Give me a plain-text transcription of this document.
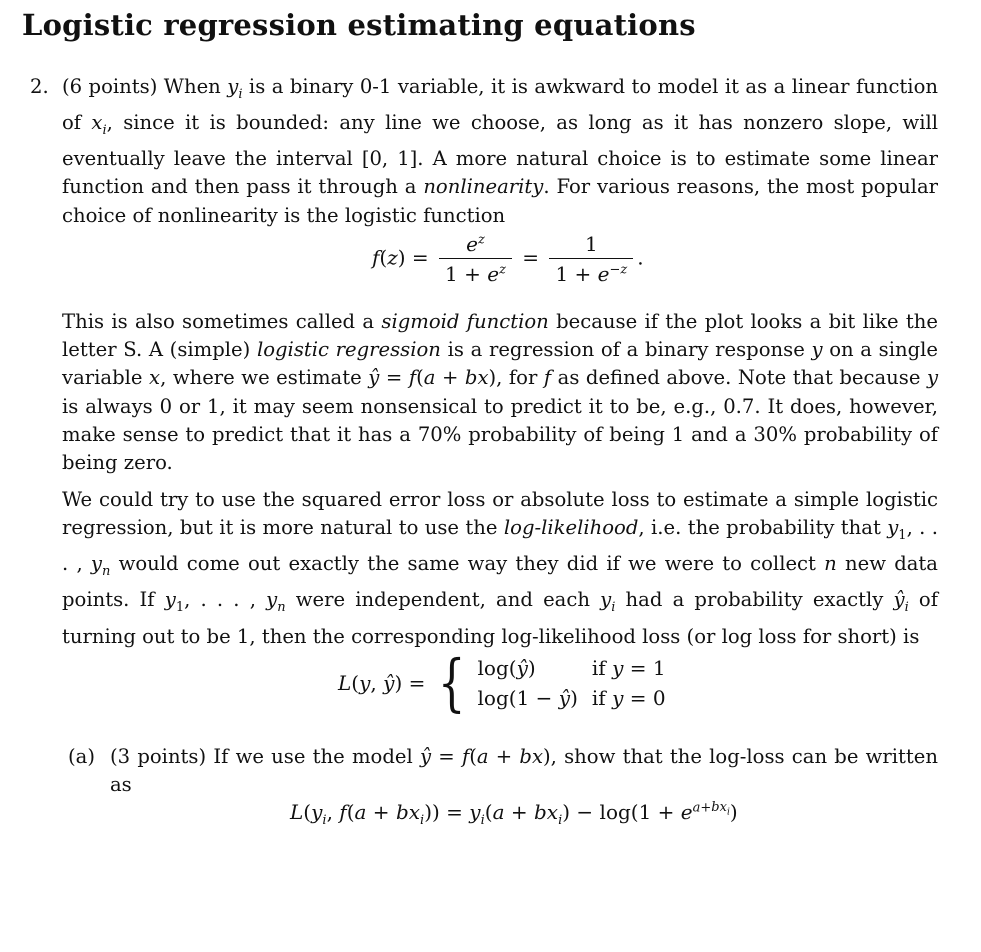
Logistic regression estimating equations
2. (6 points) When $y_i$ is a binary 0-1 variable, it is awkward to model it as a linear function of $x_i$, since it is bounded: any line we choose, as long as it has nonzero slope, will eventually leave the interval [0, 1]. A more natural choice is to estimate some linear function and then pass it through a nonlinearity. For various reasons, the most popular choice of nonlinearity is the logistic function
$f(z) = \frac{e^z}{1 + e^z} = \frac{1}{1 + e^{-z}}$ .
This is also sometimes called a sigmoid function because if the plot looks a bit like the letter S. A (simple) logistic regression is a regression of a binary response y on a single variable x, where we estimate ŷ = f(a + bx), for f as defined above. Note that because y is always 0 or 1, it may seem nonsensical to predict it to be, e.g., 0.7. It does, however, make sense to predict that it has a 70% probability of being 1 and a 30% probability of being zero.
We could try to use the squared error loss or absolute loss to estimate a simple logistic regression, but it is more natural to use the log-likelihood, i.e. the probability that $y_1$, . . . , $y_n$ would come out exactly the same way they did if we were to collect n new data points. If $y_1$, . . . , $y_n$ were independent, and each $y_i$ had a probability exactly $ŷ_i$ of turning out to be 1, then the corresponding log-likelihood loss (or log loss for short) is
L(y, ŷ) = { log(ŷ)	if y = 1
log(1 − ŷ)	if y = 0
(a) (3 points) If we use the model ŷ = f(a + bx), show that the log-loss can be written as
$L(y_i$, $f(a + bx_i)) = y_i(a + bx_i) - \log(1 + e^{a+bx_i})$
